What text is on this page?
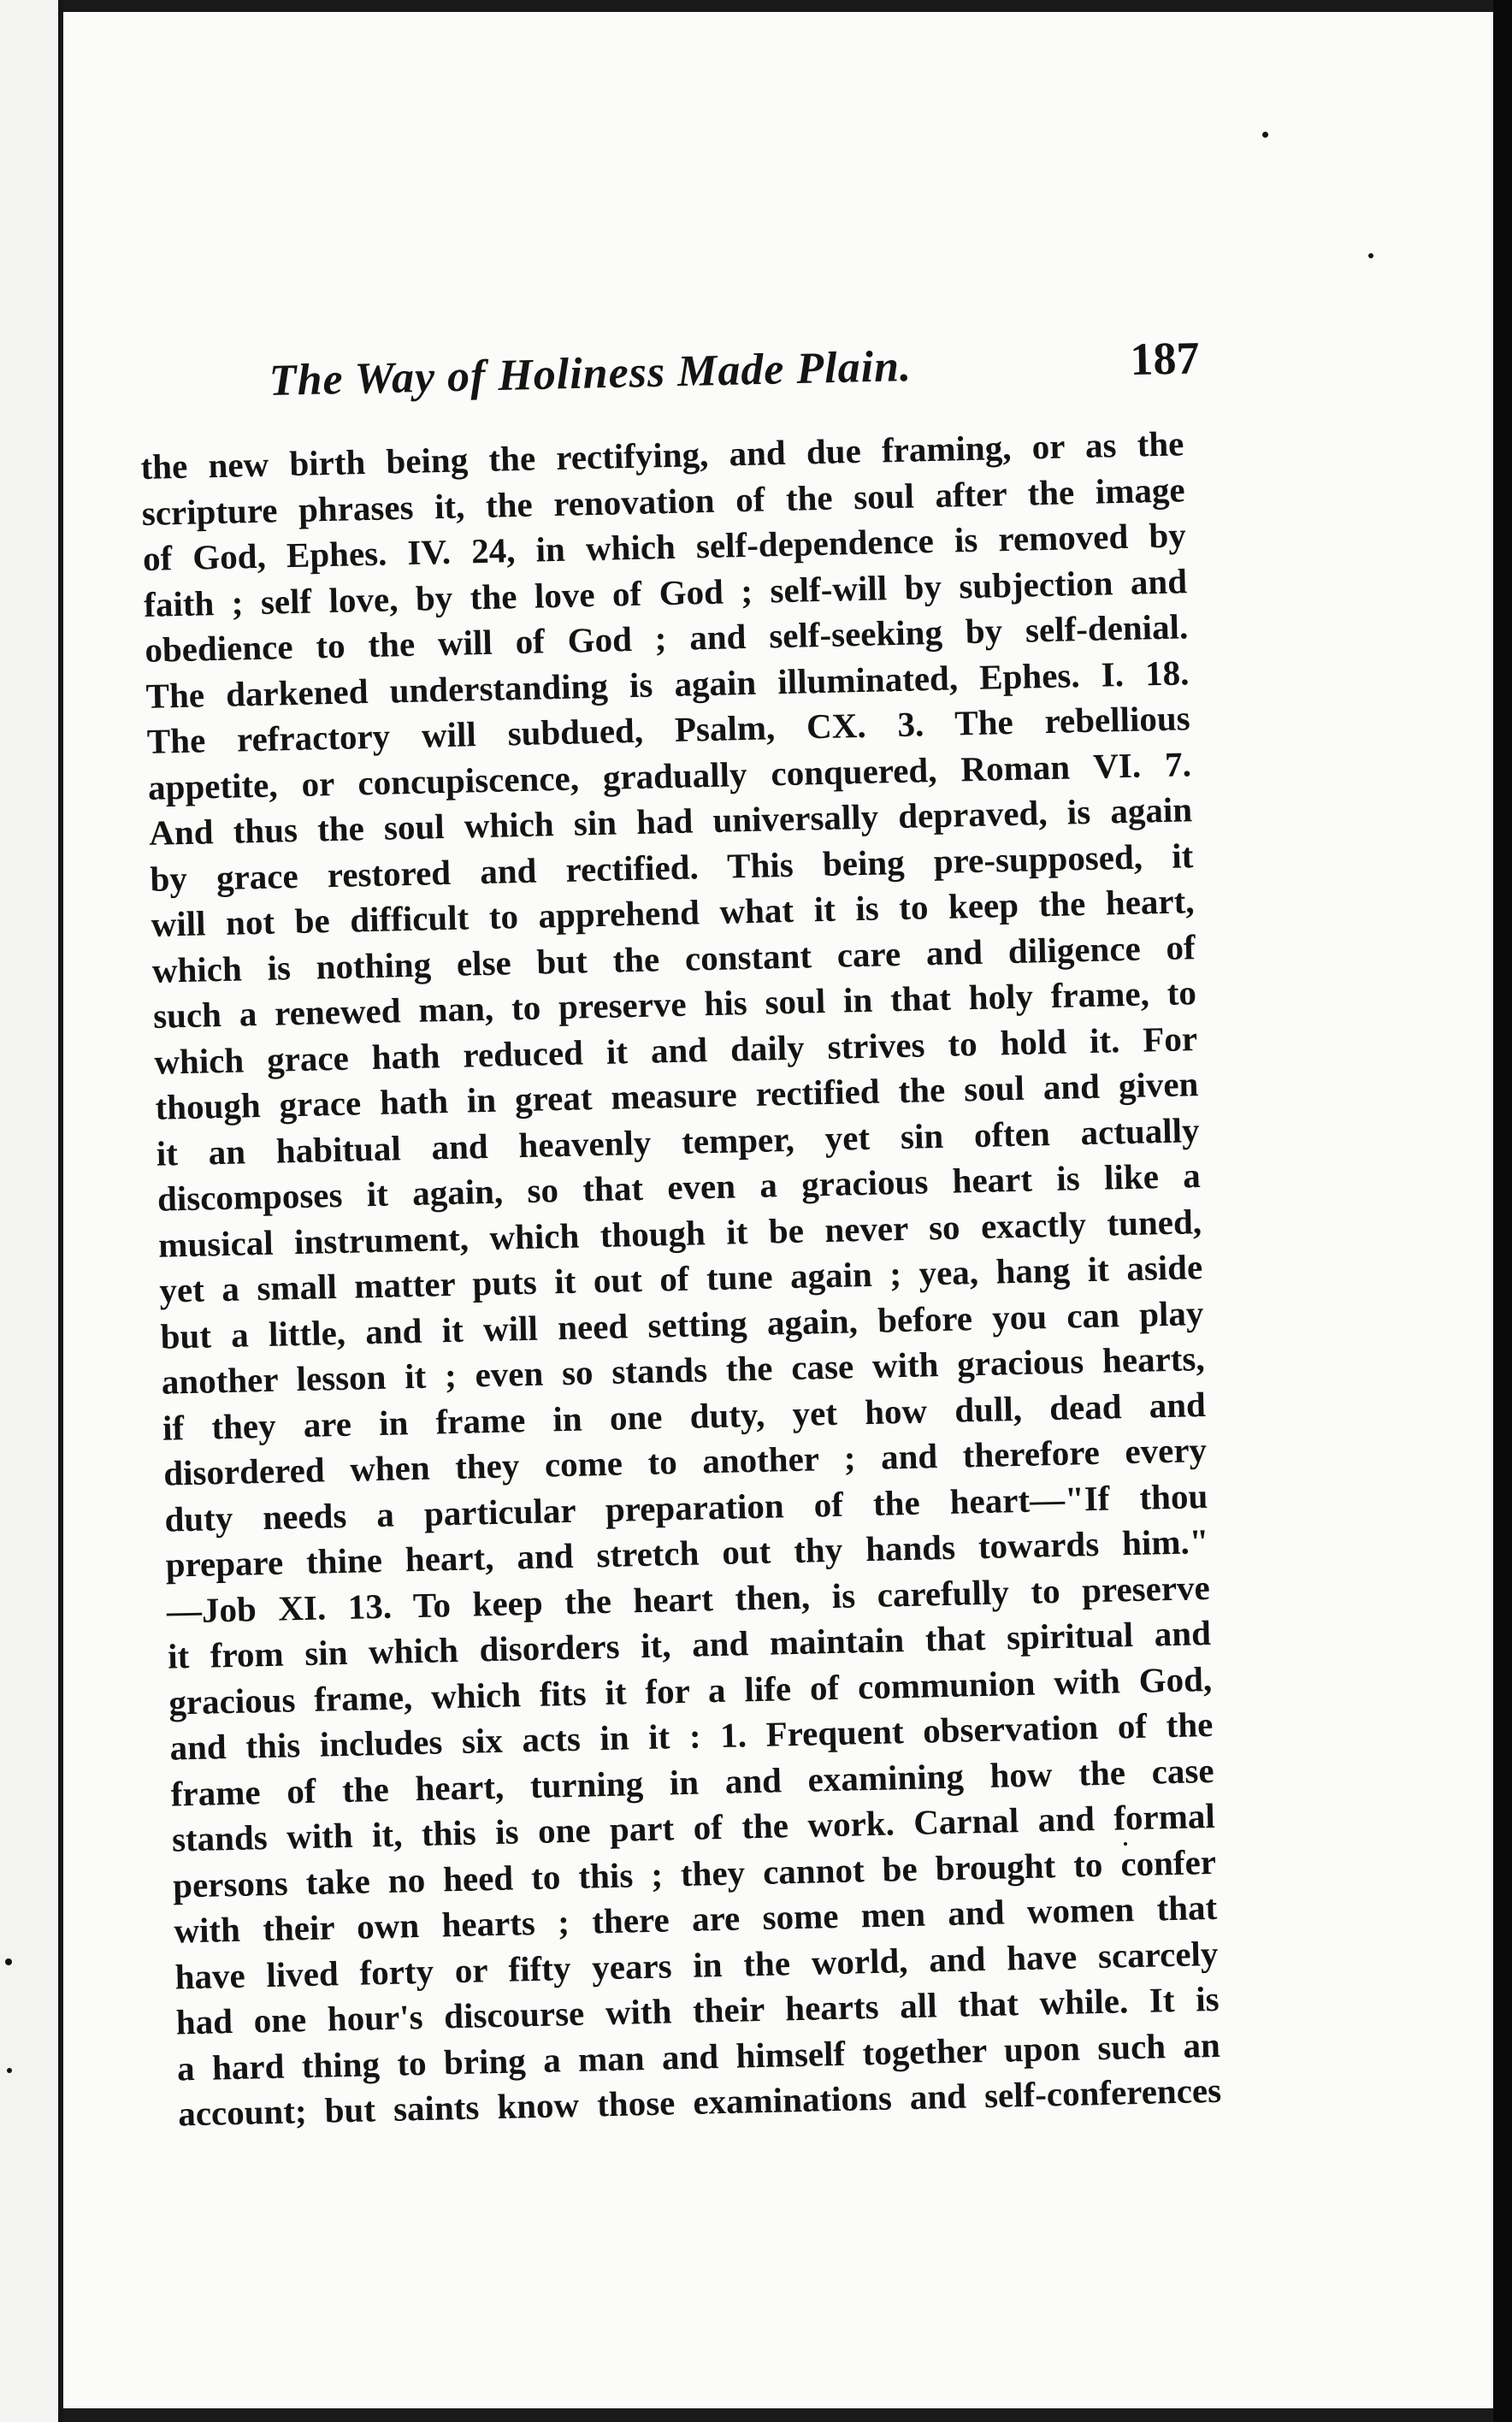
The Way of Holiness Made Plain.	187
the new birth being the rectifying, and due framing, or as the
scripture phrases it, the renovation of the soul after the image
of God, Ephes. IV. 24, in which self-dependence is removed by
faith ; self love, by the love of God ; self-will by subjection and
obedience to the will of God ; and self-seeking by self-denial.
The darkened understanding is again illuminated, Ephes. I. 18.
The refractory will subdued, Psalm, CX. 3. The rebellious
appetite, or concupiscence, gradually conquered, Roman VI. 7.
And thus the soul which sin had universally depraved, is again
by grace restored and rectified. This being pre-supposed, it
will not be difficult to apprehend what it is to keep the heart,
which is nothing else but the constant care and diligence of
such a renewed man, to preserve his soul in that holy frame, to
which grace hath reduced it and daily strives to hold it. For
though grace hath in great measure rectified the soul and given
it an habitual and heavenly temper, yet sin often actually
discomposes it again, so that even a gracious heart is like a
musical instrument, which though it be never so exactly tuned,
yet a small matter puts it out of tune again ; yea, hang it aside
but a little, and it will need setting again, before you can play
another lesson it ; even so stands the case with gracious hearts,
if they are in frame in one duty, yet how dull, dead and
disordered when they come to another ; and therefore every
duty needs a particular preparation of the heart—"If thou
prepare thine heart, and stretch out thy hands towards him."
—Job XI. 13. To keep the heart then, is carefully to preserve
it from sin which disorders it, and maintain that spiritual and
gracious frame, which fits it for a life of communion with God,
and this includes six acts in it : 1. Frequent observation of the
frame of the heart, turning in and examining how the case
stands with it, this is one part of the work. Carnal and formal
persons take no heed to this ; they cannot be brought to confer
with their own hearts ; there are some men and women that
have lived forty or fifty years in the world, and have scarcely
had one hour's discourse with their hearts all that while. It is
a hard thing to bring a man and himself together upon such an
account; but saints know those examinations and self-conferences
